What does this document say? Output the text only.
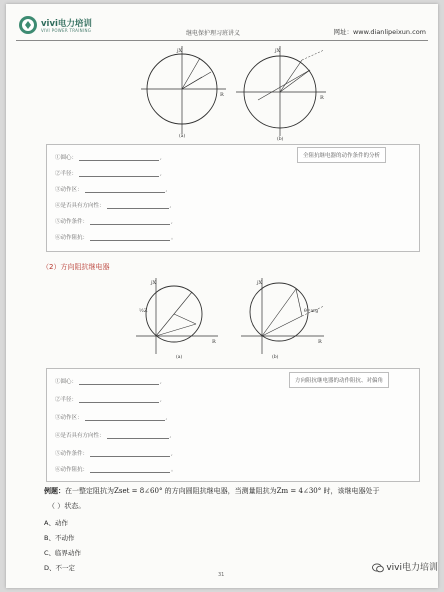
vivi电力培训
VIVI POWER TRAINING	继电保护理习班讲义	网址：www.dianlipeixun.com
jX
R
(a)
jX
R
(b)
全阻抗继电器的动作条件的分析
①圆心：	,
②半径：	,
③动作区：	,
④是否具有方向性：	,
⑤动作条件：	,
⑥动作阻抗：	。
（2）方向阻抗继电器
jX
R
½Z
(a)
jX
R
θ=arg
(b)
方向阻抗继电器的动作阻抗、对偏角
①圆心：	,
②半径：	,
③动作区：	,
④是否具有方向性：	,
⑤动作条件：	,
⑥动作阻抗：	。
例题：在一整定阻抗为Zset = 8∠60° 的方向圆阻抗继电器，当测量阻抗为Zm = 4∠30° 时，该继电器处于
（ ）状态。
A、动作
B、不动作
C、临界动作
D、不一定
31
vivi电力培训
